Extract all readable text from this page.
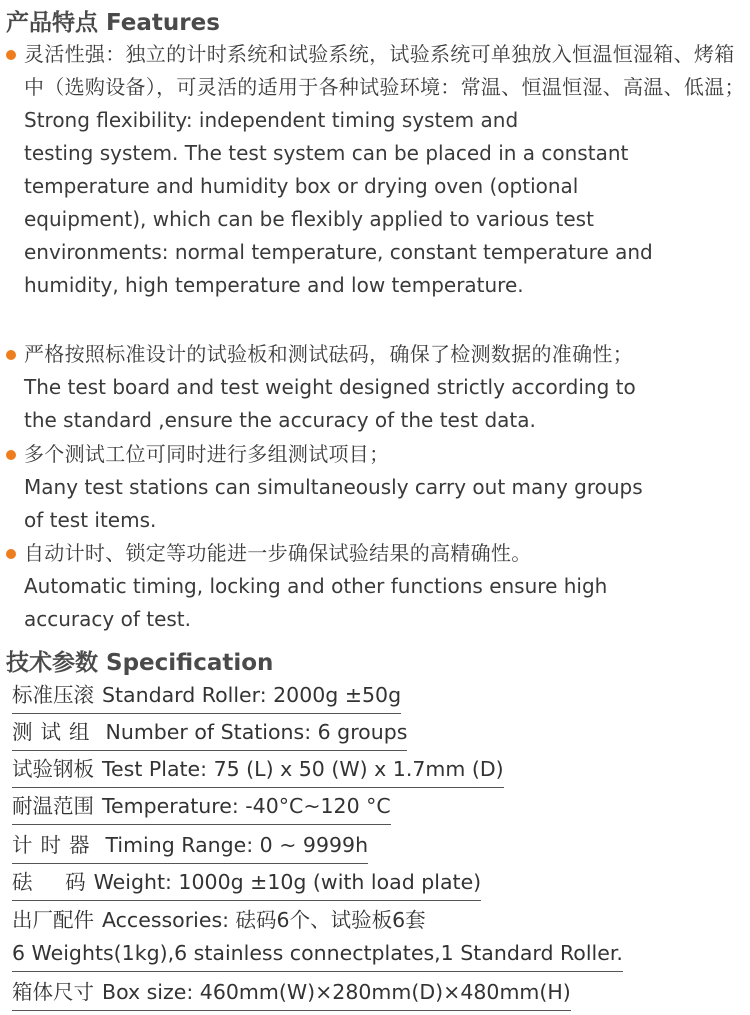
产品特点 Features
灵活性强：独立的计时系统和试验系统，试验系统可单独放入恒温恒湿箱、烤箱中（选购设备），可灵活的适用于各种试验环境：常温、恒温恒湿、高温、低温；
Strong flexibility: independent timing system and
testing system. The test system can be placed in a constant
temperature and humidity box or drying oven (optional
equipment), which can be flexibly applied to various test
environments: normal temperature, constant temperature and
humidity, high temperature and low temperature.
严格按照标准设计的试验板和测试砝码，确保了检测数据的准确性；
The test board and test weight designed strictly according to
the standard ,ensure the accuracy of the test data.
多个测试工位可同时进行多组测试项目；
Many test stations can simultaneously carry out many groups
of test items.
自动计时、锁定等功能进一步确保试验结果的高精确性。
Automatic timing, locking and other functions ensure high
accuracy of test.
技术参数 Specification
标准压滚 Standard Roller: 2000g ±50g
测试组 Number of Stations: 6 groups
试验钢板 Test Plate: 75 (L) x 50 (W) x 1.7mm (D)
耐温范围 Temperature: -40°C~120 °C
计时器 Timing Range: 0 ~ 9999h
砝     码 Weight: 1000g ±10g (with load plate)
出厂配件 Accessories: 砝码6个、试验板6套
6 Weights(1kg),6 stainless connectplates,1 Standard Roller.
箱体尺寸 Box size: 460mm(W)×280mm(D)×480mm(H)
